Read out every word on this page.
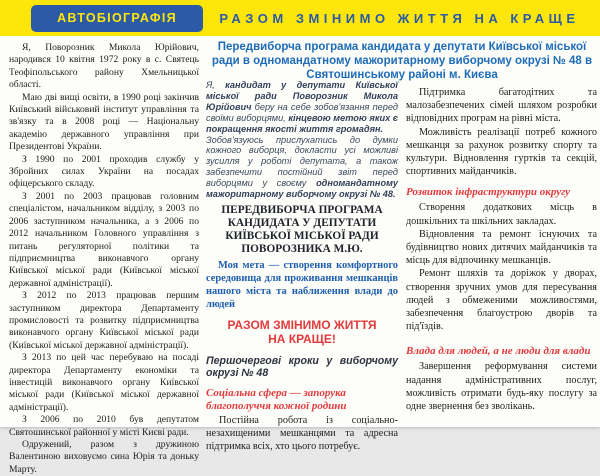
АВТОБІОГРАФІЯ	РАЗОМ ЗМІНИМО ЖИТТЯ НА КРАЩЕ

Я, Поворозник Микола Юрійович, народився 10 квітня 1972 року в с. Святець Теофіпольського району Хмельницької області.

Маю дві вищі освіти, в 1990 році закінчив Київський військовий інститут управління та зв'язку та в 2008 році — Національну академію державного управління при Президентові України.

З 1990 по 2001 проходив службу у Збройних силах України на посадах офіцерського складу.

З 2001 по 2003 працював головним спеціалістом, начальником відділу, з 2003 по 2006 заступником начальника, а з 2006 по 2012 начальником Головного управління з питань регуляторної політики та підприємництва виконавчого органу Київської міської ради (Київської міської державної адміністрації).

З 2012 по 2013 працював першим заступником директора Департаменту промисловості та розвитку підприємництва виконавчого органу Київської міської ради (Київської міської державної адміністрації).

З 2013 по цей час перебуваю на посаді директора Департаменту економіки та інвестицій виконавчого органу Київської міської ради (Київської міської державної адміністрації).

З 2006 по 2010 був депутатом Святошинської районної у місті Києві ради.

Одружений, разом з дружиною Валентиною виховуємо сина Юрія та доньку Марту.

Передвиборча програма кандидата у депутати Київської міської ради в одномандатному мажоритарному виборчому окрузі № 48 в Святошинському районі м. Києва

Я, кандидат у депутати Київської міської ради Поворозник Микола Юрійович беру на себе зобов'язання перед своїми виборцями, кінцевою метою яких є покращення якості життя громадян.

Зобов'язуюсь прислухатись до думки кожного виборця, докласти усі можливі зусилля у роботі депутата, а також забезпечити постійний звіт перед виборцями у своєму одномандатному мажоритарному виборчому окрузі № 48.

ПЕРЕДВИБОРЧА ПРОГРАМА КАНДИДАТА У ДЕПУТАТИ КИЇВСЬКОЇ МІСЬКОЇ РАДИ ПОВОРОЗНИКА М.Ю.

Моя мета — створення комфортного середовища для проживання мешканців нашого міста та наближення влади до людей

РАЗОМ ЗМІНИМО ЖИТТЯ НА КРАЩЕ!

Першочергові кроки у виборчому окрузі № 48

Соціальна сфера — запорука благополуччя кожної родини

Постійна робота із соціально-незахищеними мешканцями та адресна підтримка всіх, хто цього потребує.

Підтримка багатодітних та малозабезпечених сімей шляхом розробки відповідних програм на рівні міста.

Можливість реалізації потреб кожного мешканця за рахунок розвитку спорту та культури. Відновлення гуртків та секцій, спортивних майданчиків.

Розвиток інфраструктури округу

Створення додаткових місць в дошкільних та шкільних закладах.

Відновлення та ремонт існуючих та будівництво нових дитячих майданчиків та місць для відпочинку мешканців.

Ремонт шляхів та доріжок у дворах, створення зручних умов для пересування людей з обмеженими можливостями, забезпечення благоустрою дворів та під'їздів.

Влада для людей, а не люди для влади

Завершення реформування системи надання адміністративних послуг, можливість отримати будь-яку послугу за одне звернення без зволікань.
